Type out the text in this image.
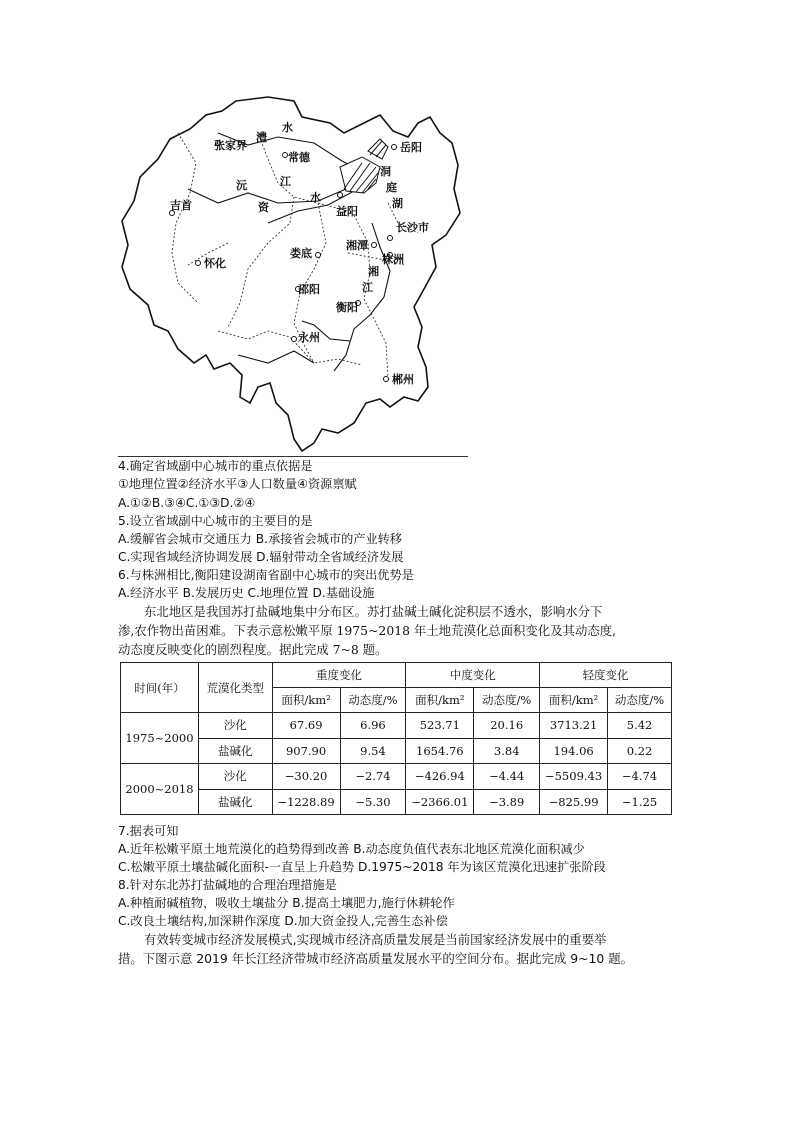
张家界
澧
水
常德
岳阳
洞
庭
湖
沅	江
资
水
益阳
吉首
长沙市
湘潭
株洲
娄底
怀化
湘
邵阳	江
衡阳
永州
郴州
4.确定省域副中心城市的重点依据是
①地理位置②经济水平③人口数量④资源禀赋
A.①②B.③④C.①③D.②④
5.设立省域副中心城市的主要目的是
A.缓解省会城市交通压力 B.承接省会城市的产业转移
C.实现省域经济协调发展 D.辐射带动全省域经济发展
6.与株洲相比,衡阳建设湖南省副中心城市的突出优势是
A.经济水平 B.发展历史 C.地理位置 D.基础设施
东北地区是我国苏打盐碱地集中分布区。苏打盐碱土碱化淀积层不透水，影响水分下
渗,农作物出苗困难。下表示意松嫩平原 1975~2018 年土地荒漠化总面积变化及其动态度,
动态度反映变化的剧烈程度。据此完成 7~8 题。
时间(年）	荒漠化类型	重度变化		中度变化		轻度变化	
		面积/km²	动态度/%	面积/km²	动态度/%	面积/km²	动态度/%
1975~2000	沙化	67.69	6.96	523.71	20.16	3713.21	5.42
	盐碱化	907.90	9.54	1654.76	3.84	194.06	0.22
2000~2018	沙化	−30.20	−2.74	−426.94	−4.44	−5509.43	−4.74
	盐碱化	−1228.89	−5.30	−2366.01	−3.89	−825.99	−1.25
7.据表可知
A.近年松嫩平原土地荒漠化的趋势得到改善 B.动态度负值代表东北地区荒漠化面积减少
C.松嫩平原土壤盐碱化面积-一直呈上升趋势 D.1975~2018 年为该区荒漠化迅速扩张阶段
8.针对东北苏打盐碱地的合理治理措施是
A.种植耐碱植物，吸收土壤盐分 B.提高土壤肥力,施行休耕轮作
C.改良土壤结构,加深耕作深度 D.加大资金投人,完善生态补偿
有效转变城市经济发展模式,实现城市经济高质量发展是当前国家经济发展中的重要举
措。下图示意 2019 年长江经济带城市经济高质量发展水平的空间分布。据此完成 9~10 题。
